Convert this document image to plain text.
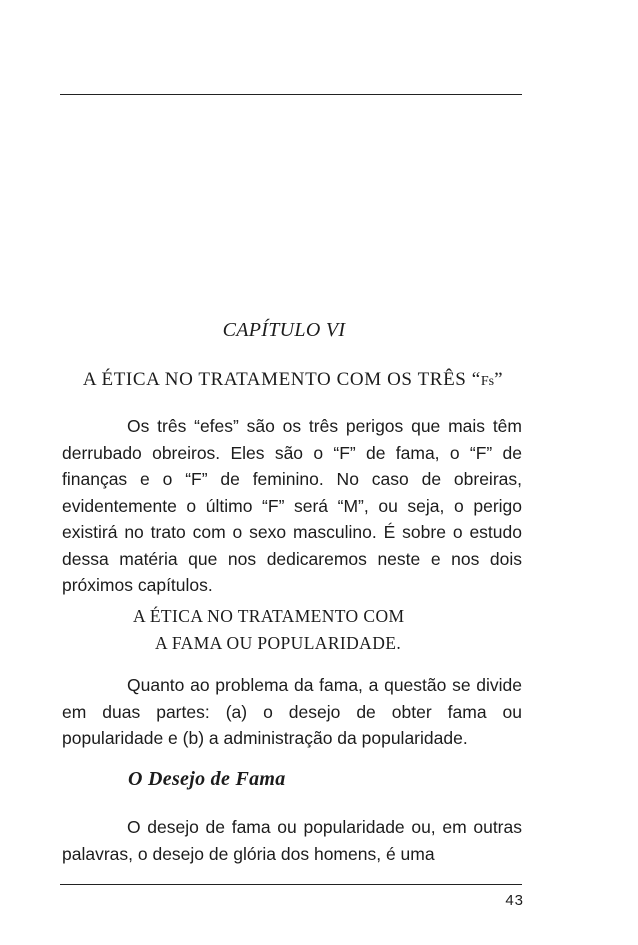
CAPÍTULO VI
A ÉTICA NO TRATAMENTO COM OS TRÊS “Fs”

Os três “efes” são os três perigos que mais têm derrubado obreiros. Eles são o “F” de fama, o “F” de finanças e o “F” de feminino. No caso de obreiras, evidentemente o último “F” será “M”, ou seja, o perigo existirá no trato com o sexo masculino. É sobre o estudo dessa matéria que nos dedicaremos neste e nos dois próximos capítulos.

A ÉTICA NO TRATAMENTO COM
A FAMA OU POPULARIDADE.

Quanto ao problema da fama, a questão se divide em duas partes: (a) o desejo de obter fama ou popularidade e (b) a administração da popularidade.

O Desejo de Fama

O desejo de fama ou popularidade ou, em outras palavras, o desejo de glória dos homens, é uma

43
